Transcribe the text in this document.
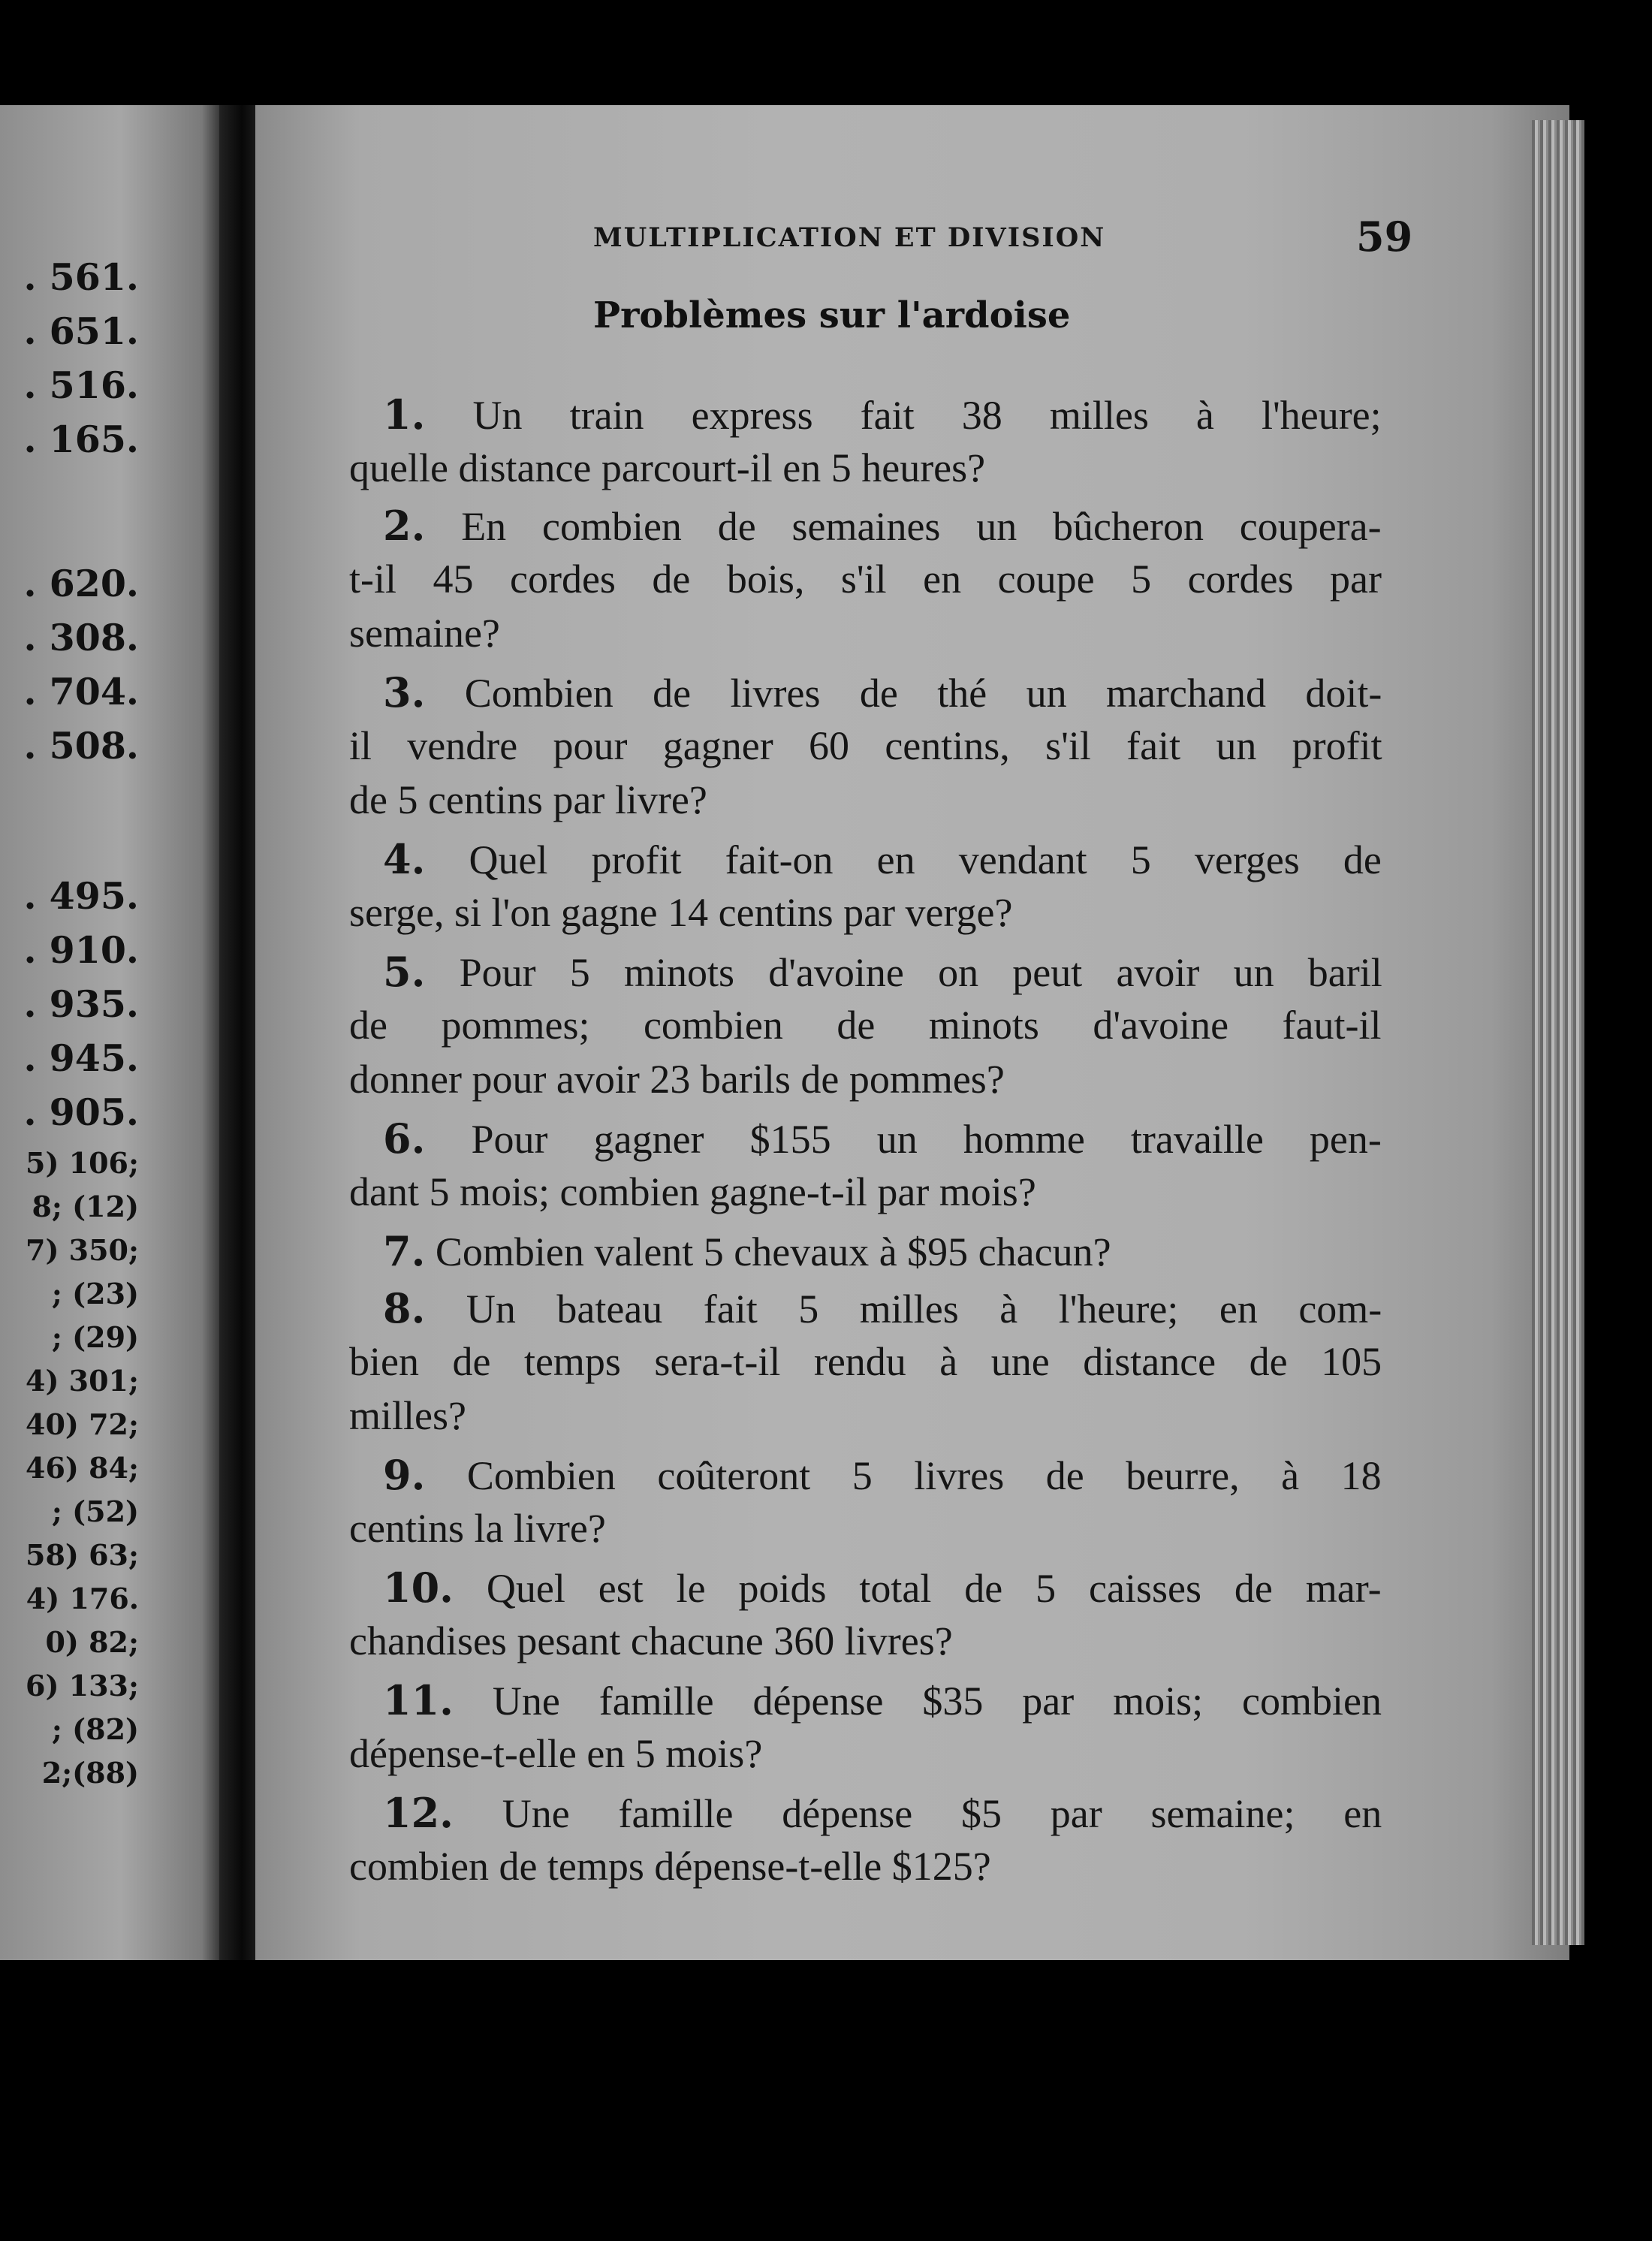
. 561.
. 651.
. 516.
. 165.
. 620.
. 308.
. 704.
. 508.
. 495.
. 910.
. 935.
. 945.
. 905.
5) 106;
8; (12)
7) 350;
; (23)
; (29)
4) 301;
40) 72;
46) 84;
; (52)
58) 63;
4) 176.
0) 82;
6) 133;
; (82)
2;(88)
MULTIPLICATION ET DIVISION	59
Problèmes sur l'ardoise
1. Un train express fait 38 milles à l'heure;
quelle distance parcourt-il en 5 heures?
2. En combien de semaines un bûcheron coupera-
t-il 45 cordes de bois, s'il en coupe 5 cordes par
semaine?
3. Combien de livres de thé un marchand doit-
il vendre pour gagner 60 centins, s'il fait un profit
de 5 centins par livre?
4. Quel profit fait-on en vendant 5 verges de
serge, si l'on gagne 14 centins par verge?
5. Pour 5 minots d'avoine on peut avoir un baril
de pommes; combien de minots d'avoine faut-il
donner pour avoir 23 barils de pommes?
6. Pour gagner $155 un homme travaille pen-
dant 5 mois; combien gagne-t-il par mois?
7. Combien valent 5 chevaux à $95 chacun?
8. Un bateau fait 5 milles à l'heure; en com-
bien de temps sera-t-il rendu à une distance de 105
milles?
9. Combien coûteront 5 livres de beurre, à 18
centins la livre?
10. Quel est le poids total de 5 caisses de mar-
chandises pesant chacune 360 livres?
11. Une famille dépense $35 par mois; combien
dépense-t-elle en 5 mois?
12. Une famille dépense $5 par semaine; en
combien de temps dépense-t-elle $125?
